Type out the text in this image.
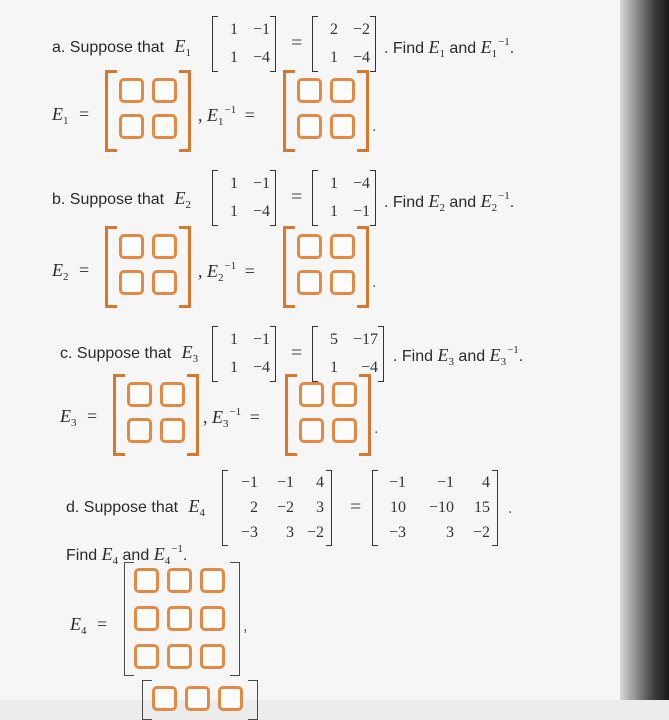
a. Suppose that $E_1$
1 −1
1 −4
=
2 −2
1 −4
. Find $E_1$ and $E_1^{-1}$.
$E_1$ =	, $E_1^{-1}$ =
.
b. Suppose that $E_2$
1 −1
1 −4
=
1 −4
1 −1
. Find $E_2$ and $E_2^{-1}$.
$E_2$ =	, $E_2^{-1}$ =
.
c. Suppose that $E_3$
1 −1
1 −4
=
5 −17
1 −4
. Find $E_3$ and $E_3^{-1}$.
$E_3$ =	, $E_3^{-1}$ =
.
d. Suppose that $E_4$
−1 −1 4
2 −2 3
−3 3 −2
=
−1 −1 4
10 −10 15
−3	3 −2
.
Find $E_4$ and $E_4^{-1}$.
$E_4$ =	,
